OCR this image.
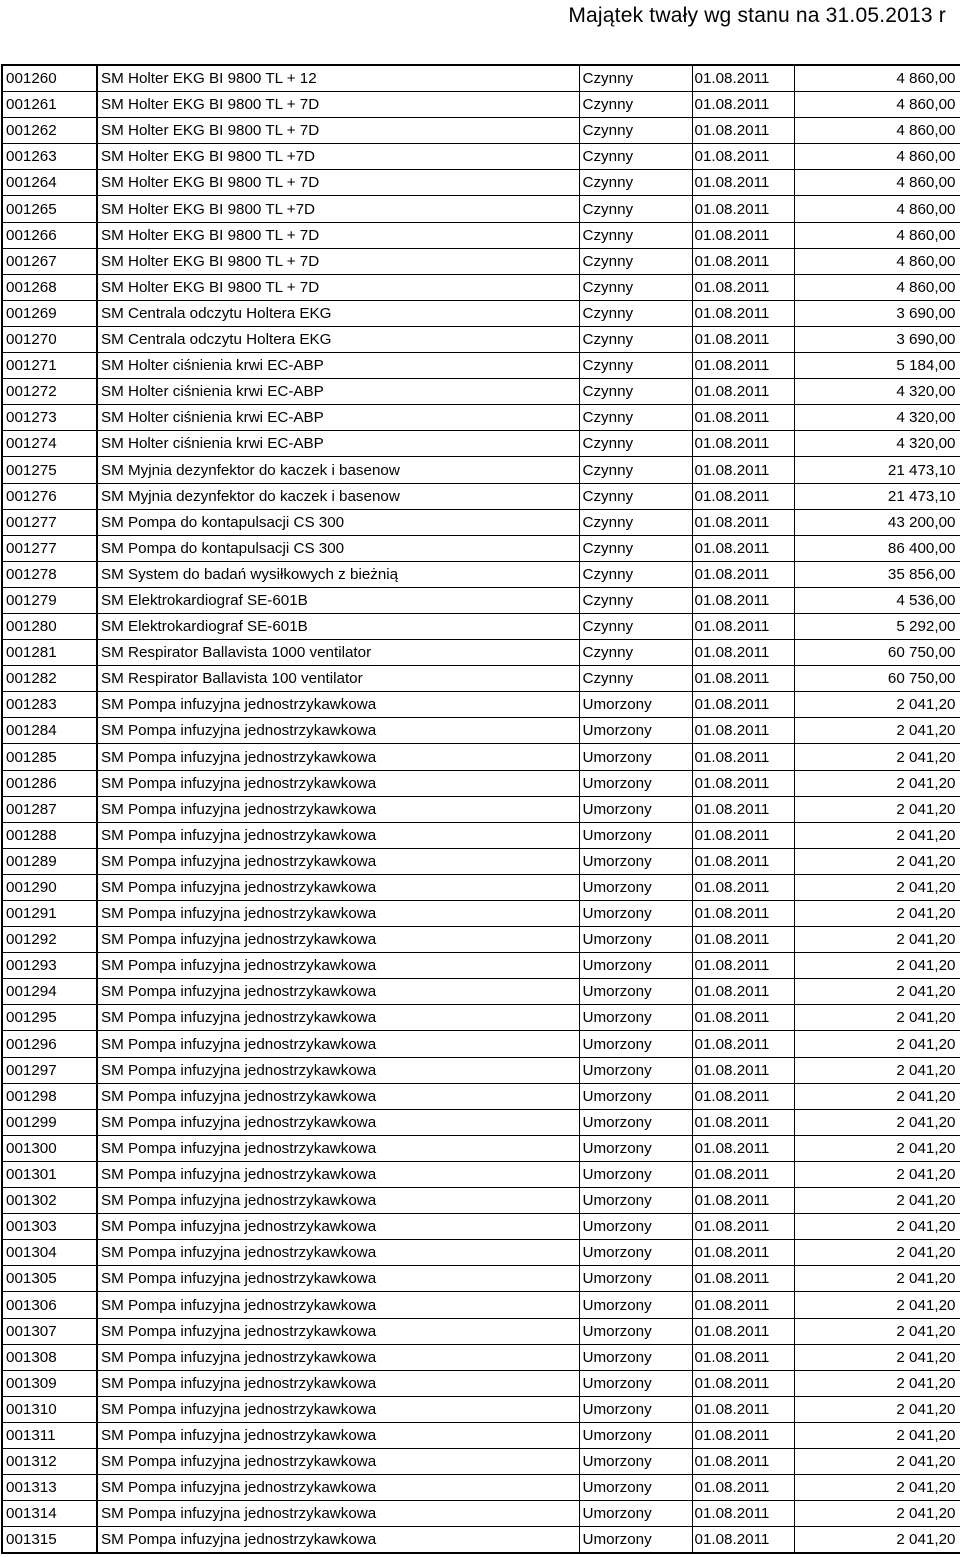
Majątek twały wg stanu na 31.05.2013 r
001260	SM Holter EKG BI 9800 TL + 12	Czynny	01.08.2011	4 860,00
001261	SM Holter EKG BI 9800 TL + 7D	Czynny	01.08.2011	4 860,00
001262	SM Holter EKG BI 9800 TL + 7D	Czynny	01.08.2011	4 860,00
001263	SM Holter EKG BI 9800 TL +7D	Czynny	01.08.2011	4 860,00
001264	SM Holter EKG BI 9800 TL + 7D	Czynny	01.08.2011	4 860,00
001265	SM Holter EKG BI 9800 TL +7D	Czynny	01.08.2011	4 860,00
001266	SM Holter EKG BI 9800 TL + 7D	Czynny	01.08.2011	4 860,00
001267	SM Holter EKG BI 9800 TL + 7D	Czynny	01.08.2011	4 860,00
001268	SM Holter EKG BI 9800 TL + 7D	Czynny	01.08.2011	4 860,00
001269	SM Centrala odczytu Holtera EKG	Czynny	01.08.2011	3 690,00
001270	SM Centrala odczytu Holtera EKG	Czynny	01.08.2011	3 690,00
001271	SM Holter ciśnienia krwi EC-ABP	Czynny	01.08.2011	5 184,00
001272	SM Holter ciśnienia krwi EC-ABP	Czynny	01.08.2011	4 320,00
001273	SM Holter ciśnienia krwi EC-ABP	Czynny	01.08.2011	4 320,00
001274	SM Holter ciśnienia krwi EC-ABP	Czynny	01.08.2011	4 320,00
001275	SM Myjnia dezynfektor do kaczek i basenow	Czynny	01.08.2011	21 473,10
001276	SM Myjnia dezynfektor do kaczek i basenow	Czynny	01.08.2011	21 473,10
001277	SM Pompa do kontapulsacji CS 300	Czynny	01.08.2011	43 200,00
001277	SM Pompa do kontapulsacji CS 300	Czynny	01.08.2011	86 400,00
001278	SM System do badań wysiłkowych z bieżnią	Czynny	01.08.2011	35 856,00
001279	SM Elektrokardiograf SE-601B	Czynny	01.08.2011	4 536,00
001280	SM Elektrokardiograf SE-601B	Czynny	01.08.2011	5 292,00
001281	SM Respirator Ballavista 1000 ventilator	Czynny	01.08.2011	60 750,00
001282	SM Respirator Ballavista 100 ventilator	Czynny	01.08.2011	60 750,00
001283	SM Pompa infuzyjna jednostrzykawkowa	Umorzony	01.08.2011	2 041,20
001284	SM Pompa infuzyjna jednostrzykawkowa	Umorzony	01.08.2011	2 041,20
001285	SM Pompa infuzyjna jednostrzykawkowa	Umorzony	01.08.2011	2 041,20
001286	SM Pompa infuzyjna jednostrzykawkowa	Umorzony	01.08.2011	2 041,20
001287	SM Pompa infuzyjna jednostrzykawkowa	Umorzony	01.08.2011	2 041,20
001288	SM Pompa infuzyjna jednostrzykawkowa	Umorzony	01.08.2011	2 041,20
001289	SM Pompa infuzyjna jednostrzykawkowa	Umorzony	01.08.2011	2 041,20
001290	SM Pompa infuzyjna jednostrzykawkowa	Umorzony	01.08.2011	2 041,20
001291	SM Pompa infuzyjna jednostrzykawkowa	Umorzony	01.08.2011	2 041,20
001292	SM Pompa infuzyjna jednostrzykawkowa	Umorzony	01.08.2011	2 041,20
001293	SM Pompa infuzyjna jednostrzykawkowa	Umorzony	01.08.2011	2 041,20
001294	SM Pompa infuzyjna jednostrzykawkowa	Umorzony	01.08.2011	2 041,20
001295	SM Pompa infuzyjna jednostrzykawkowa	Umorzony	01.08.2011	2 041,20
001296	SM Pompa infuzyjna jednostrzykawkowa	Umorzony	01.08.2011	2 041,20
001297	SM Pompa infuzyjna jednostrzykawkowa	Umorzony	01.08.2011	2 041,20
001298	SM Pompa infuzyjna jednostrzykawkowa	Umorzony	01.08.2011	2 041,20
001299	SM Pompa infuzyjna jednostrzykawkowa	Umorzony	01.08.2011	2 041,20
001300	SM Pompa infuzyjna jednostrzykawkowa	Umorzony	01.08.2011	2 041,20
001301	SM Pompa infuzyjna jednostrzykawkowa	Umorzony	01.08.2011	2 041,20
001302	SM Pompa infuzyjna jednostrzykawkowa	Umorzony	01.08.2011	2 041,20
001303	SM Pompa infuzyjna jednostrzykawkowa	Umorzony	01.08.2011	2 041,20
001304	SM Pompa infuzyjna jednostrzykawkowa	Umorzony	01.08.2011	2 041,20
001305	SM Pompa infuzyjna jednostrzykawkowa	Umorzony	01.08.2011	2 041,20
001306	SM Pompa infuzyjna jednostrzykawkowa	Umorzony	01.08.2011	2 041,20
001307	SM Pompa infuzyjna jednostrzykawkowa	Umorzony	01.08.2011	2 041,20
001308	SM Pompa infuzyjna jednostrzykawkowa	Umorzony	01.08.2011	2 041,20
001309	SM Pompa infuzyjna jednostrzykawkowa	Umorzony	01.08.2011	2 041,20
001310	SM Pompa infuzyjna jednostrzykawkowa	Umorzony	01.08.2011	2 041,20
001311	SM Pompa infuzyjna jednostrzykawkowa	Umorzony	01.08.2011	2 041,20
001312	SM Pompa infuzyjna jednostrzykawkowa	Umorzony	01.08.2011	2 041,20
001313	SM Pompa infuzyjna jednostrzykawkowa	Umorzony	01.08.2011	2 041,20
001314	SM Pompa infuzyjna jednostrzykawkowa	Umorzony	01.08.2011	2 041,20
001315	SM Pompa infuzyjna jednostrzykawkowa	Umorzony	01.08.2011	2 041,20
